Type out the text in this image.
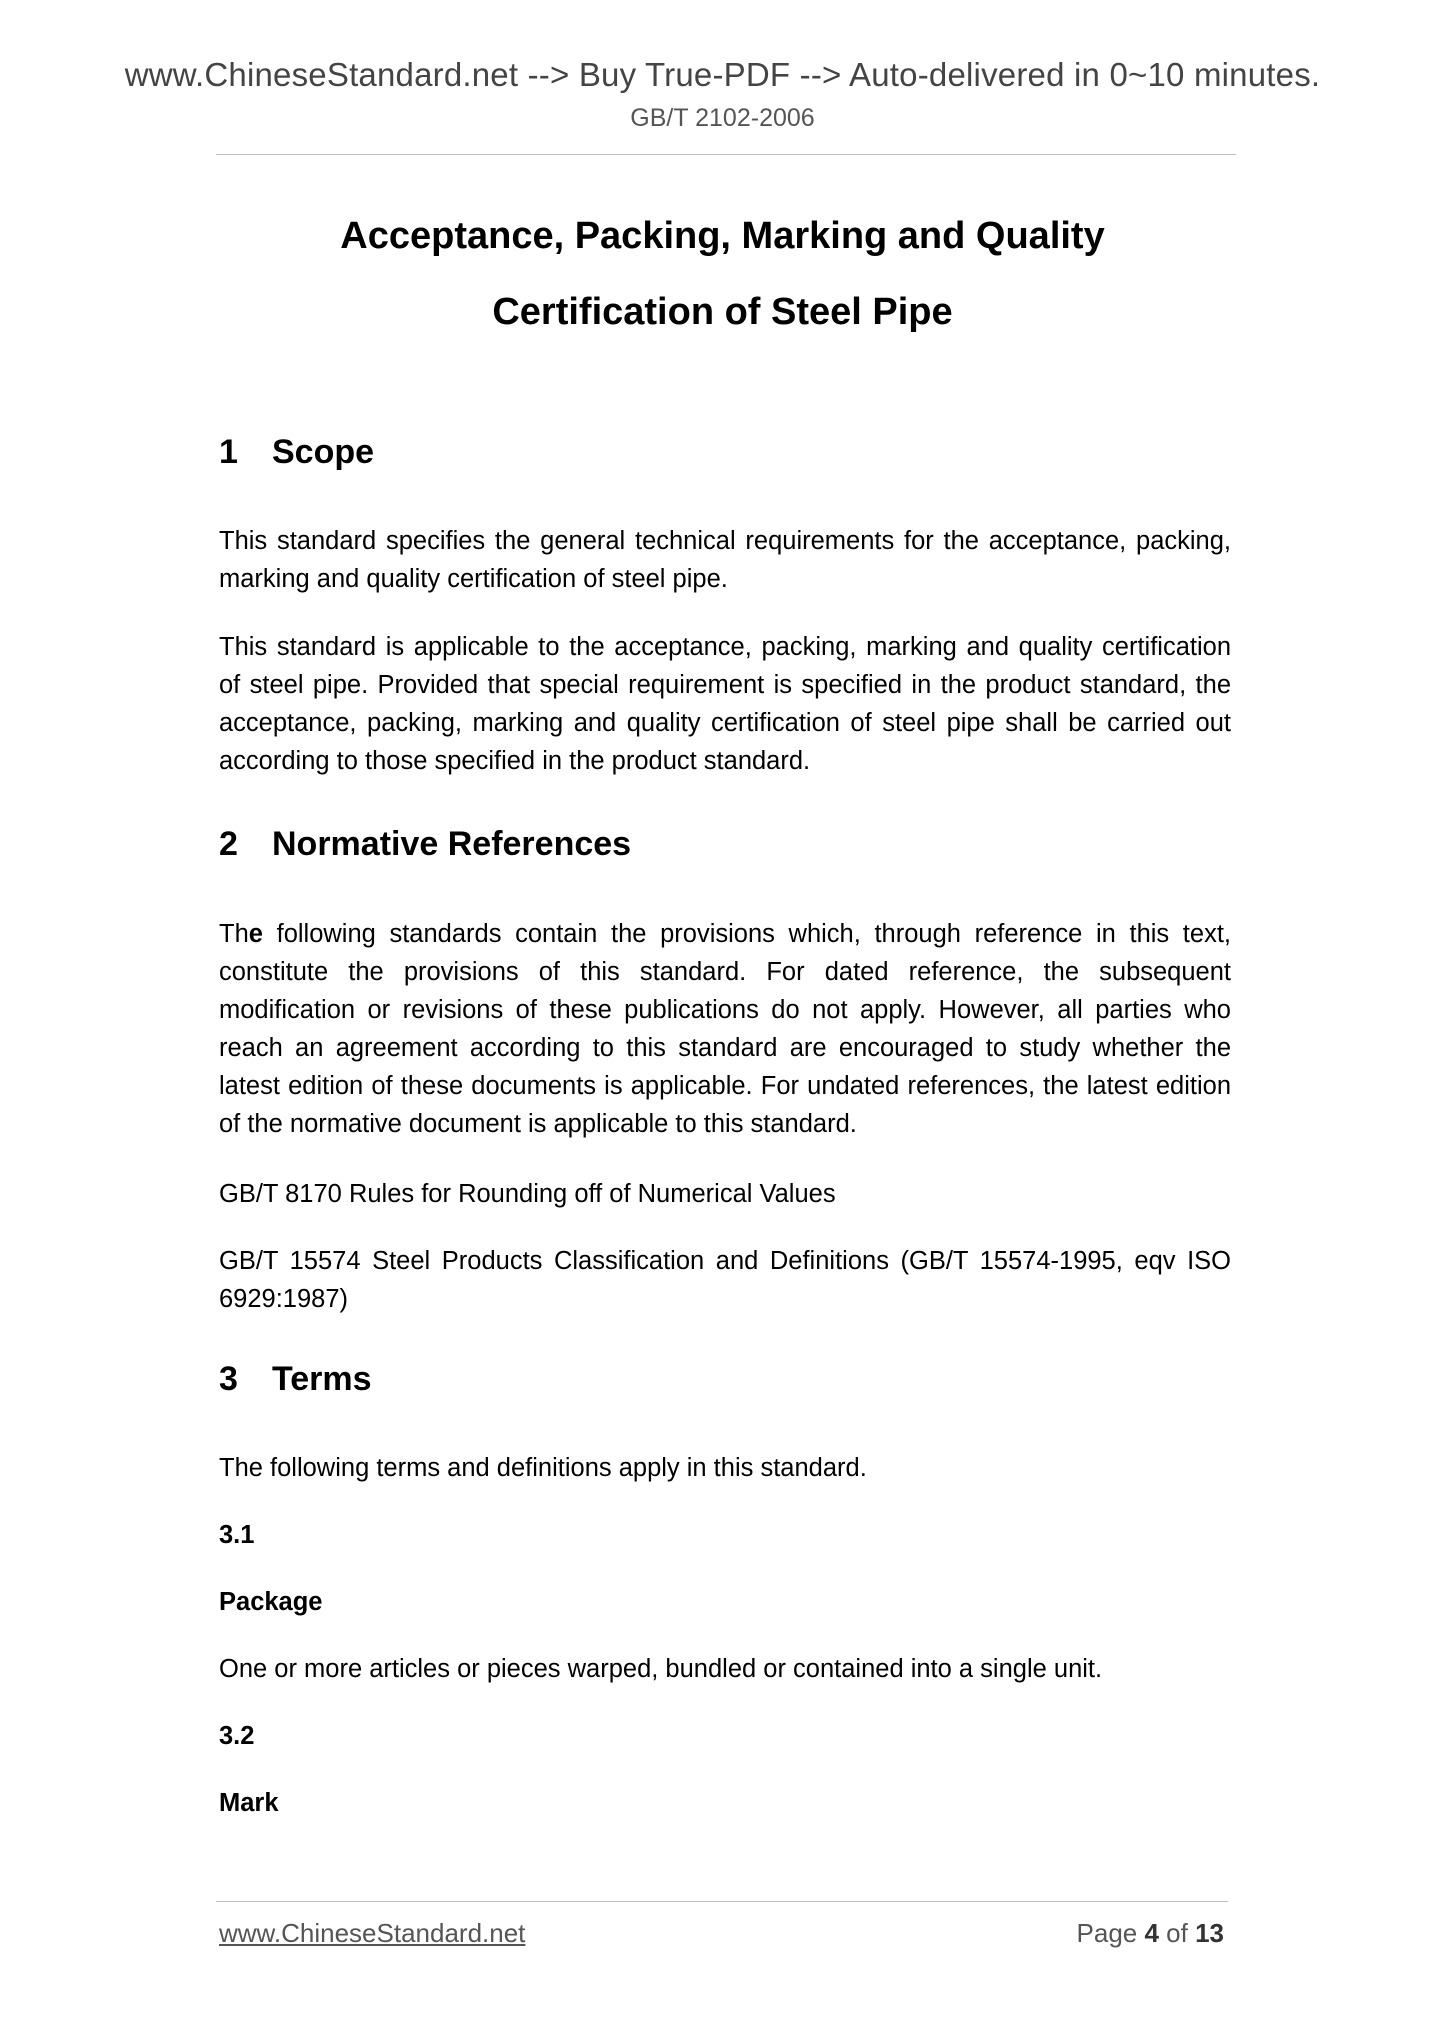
www.ChineseStandard.net --> Buy True-PDF --> Auto-delivered in 0~10 minutes.
GB/T 2102-2006
Acceptance, Packing, Marking and Quality
Certification of Steel Pipe
1 Scope
This standard specifies the general technical requirements for the acceptance, packing, marking and quality certification of steel pipe.
This standard is applicable to the acceptance, packing, marking and quality certification of steel pipe. Provided that special requirement is specified in the product standard, the acceptance, packing, marking and quality certification of steel pipe shall be carried out according to those specified in the product standard.
2 Normative References
The following standards contain the provisions which, through reference in this text, constitute the provisions of this standard. For dated reference, the subsequent modification or revisions of these publications do not apply. However, all parties who reach an agreement according to this standard are encouraged to study whether the latest edition of these documents is applicable. For undated references, the latest edition of the normative document is applicable to this standard.
GB/T 8170 Rules for Rounding off of Numerical Values
GB/T 15574 Steel Products Classification and Definitions (GB/T 15574-1995, eqv ISO 6929:1987)
3 Terms
The following terms and definitions apply in this standard.
3.1
Package
One or more articles or pieces warped, bundled or contained into a single unit.
3.2
Mark
www.ChineseStandard.net	Page 4 of 13
